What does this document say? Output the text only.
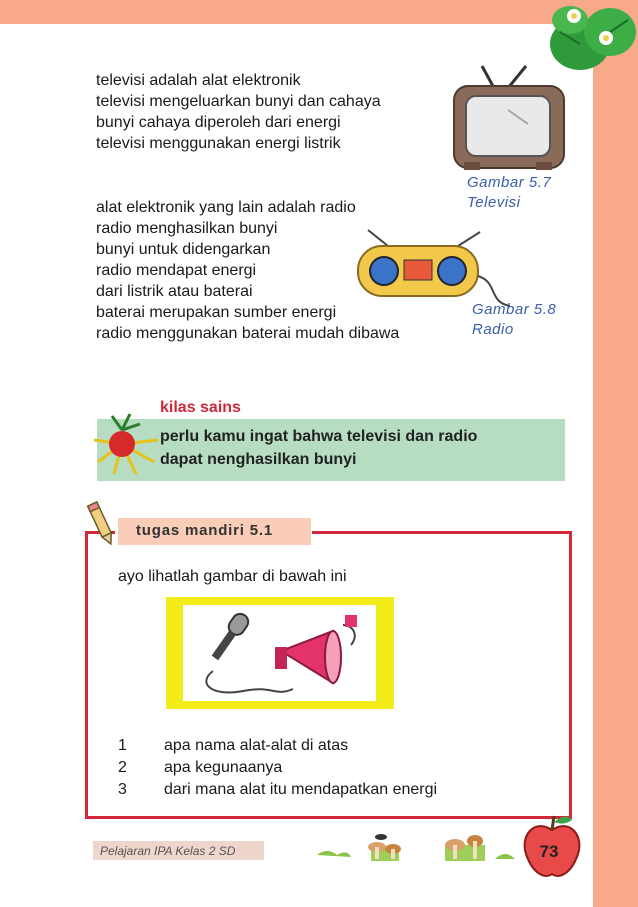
televisi adalah alat elektronik
televisi mengeluarkan bunyi dan cahaya
bunyi cahaya diperoleh dari energi
televisi menggunakan energi listrik
Gambar 5.7
Televisi
alat elektronik yang lain adalah radio
radio menghasilkan bunyi
bunyi untuk didengarkan
radio mendapat energi
dari listrik atau baterai
baterai merupakan sumber energi
radio menggunakan baterai mudah dibawa
Gambar 5.8
Radio
kilas sains
perlu kamu ingat bahwa televisi dan radio
dapat nenghasilkan bunyi
tugas mandiri 5.1
ayo lihatlah gambar di bawah ini
1	apa nama alat-alat di atas
2	apa kegunaanya
3	dari mana alat itu mendapatkan energi
Pelajaran IPA Kelas 2 SD	73
